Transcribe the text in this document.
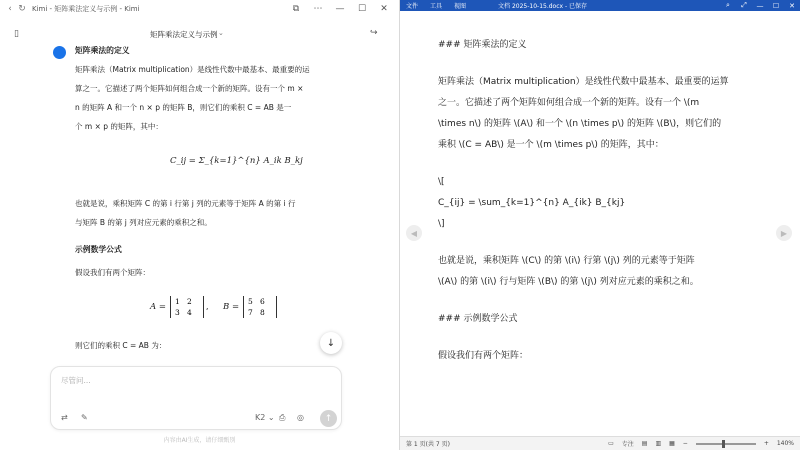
‹ ↻ Kimi - 矩阵乘法定义与示例 - Kimi	⧉	⋯	—	☐	✕
▯	矩阵乘法定义与示例 ⌄	↪
矩阵乘法的定义
矩阵乘法（Matrix multiplication）是线性代数中最基本、最重要的运
算之一。它描述了两个矩阵如何组合成一个新的矩阵。设有一个 m ×
n 的矩阵 A 和一个 n × p 的矩阵 B，则它们的乘积 C = AB 是一
个 m × p 的矩阵，其中：
C_ij = Σ_{k=1}^{n} A_ik B_kj
也就是说，乘积矩阵 C 的第 i 行第 j 列的元素等于矩阵 A 的第 i 行
与矩阵 B 的第 j 列对应元素的乘积之和。
示例数学公式
假设我们有两个矩阵：
A =
1 2
3 4
, B =
5 6
7 8
则它们的乘积 C = AB 为：	↓
尽管问...
⇄ ✎	K2 ⌄ ⎙ ◎	↑
内容由AI生成，请仔细甄别
文件 工具 视图	文档 2025-10-15.docx - 已保存	⌕	⤢	—	☐	✕
### 矩阵乘法的定义
矩阵乘法（Matrix multiplication）是线性代数中最基本、最重要的运算
之一。它描述了两个矩阵如何组合成一个新的矩阵。设有一个 \(m
\times n\) 的矩阵 \(A\) 和一个 \(n \times p\) 的矩阵 \(B\)，则它们的
乘积 \(C = AB\) 是一个 \(m \times p\) 的矩阵，其中：
\[
C_{ij} = \sum_{k=1}^{n} A_{ik} B_{kj}
\]
也就是说，乘积矩阵 \(C\) 的第 \(i\) 行第 \(j\) 列的元素等于矩阵
\(A\) 的第 \(i\) 行与矩阵 \(B\) 的第 \(j\) 列对应元素的乘积之和。
### 示例数学公式
假设我们有两个矩阵：
◀	▶
第 1 页(共 7 页)	▭ 专注 ▤ ▥ ▦ −	+ 140%
